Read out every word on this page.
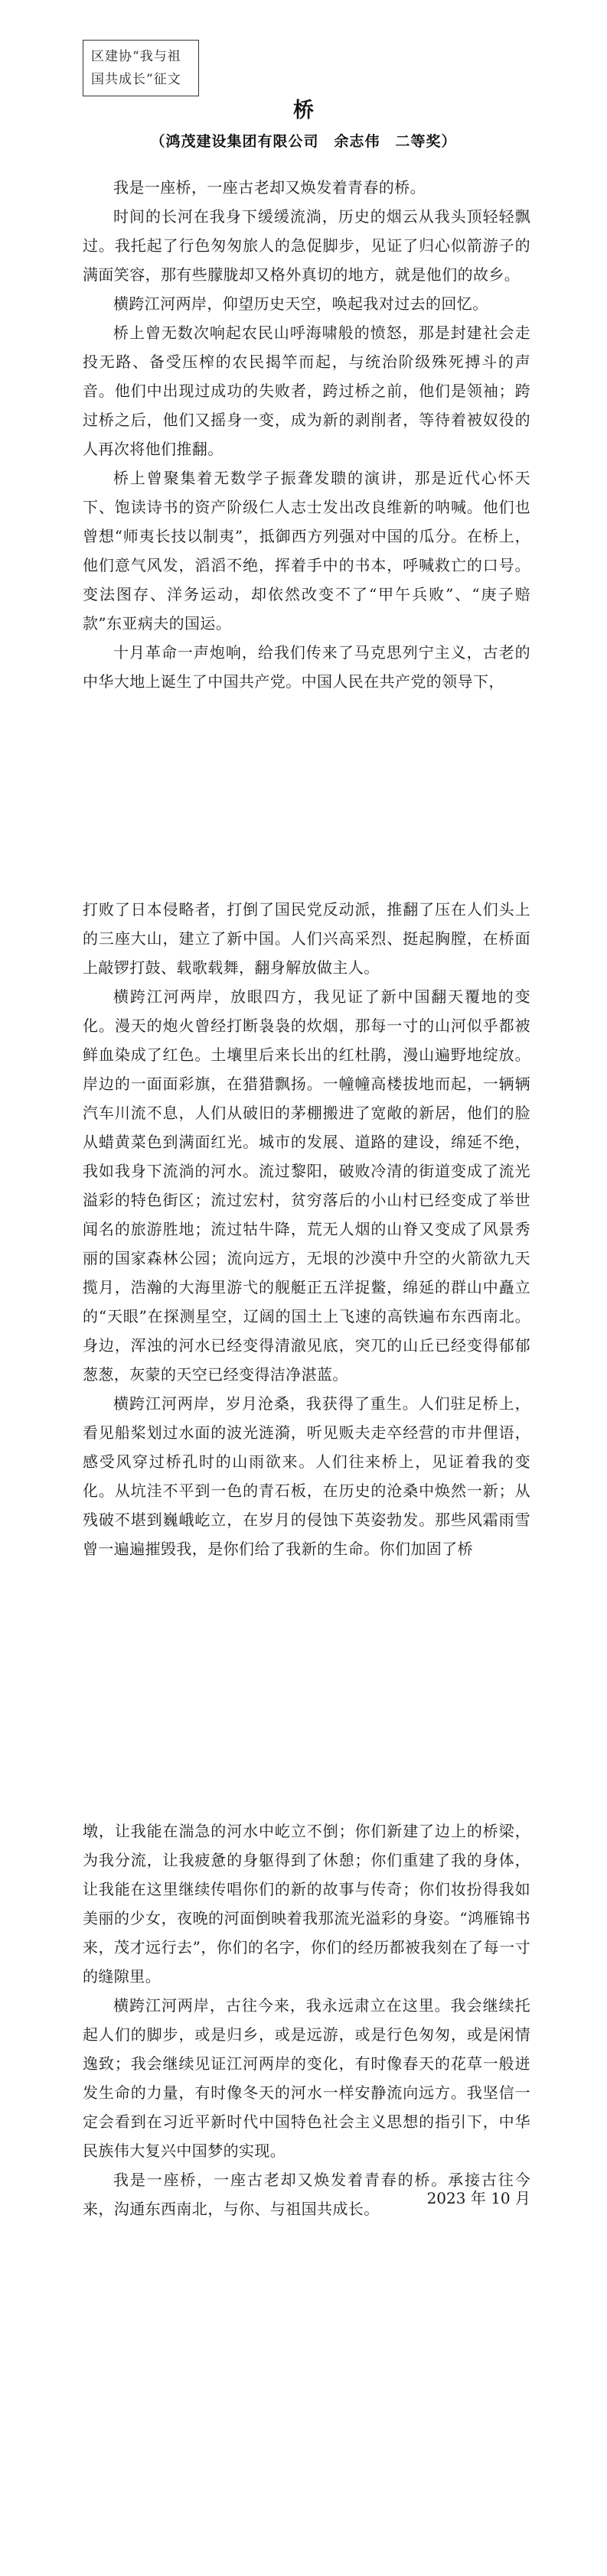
区建协“我与祖
国共成长”征文
桥
（鸿茂建设集团有限公司　余志伟　二等奖）

我是一座桥，一座古老却又焕发着青春的桥。

时间的长河在我身下缓缓流淌，历史的烟云从我头顶轻轻飘过。我托起了行色匆匆旅人的急促脚步，见证了归心似箭游子的满面笑容，那有些朦胧却又格外真切的地方，就是他们的故乡。

横跨江河两岸，仰望历史天空，唤起我对过去的回忆。

桥上曾无数次响起农民山呼海啸般的愤怒，那是封建社会走投无路、备受压榨的农民揭竿而起，与统治阶级殊死搏斗的声音。他们中出现过成功的失败者，跨过桥之前，他们是领袖；跨过桥之后，他们又摇身一变，成为新的剥削者，等待着被奴役的人再次将他们推翻。

桥上曾聚集着无数学子振聋发聩的演讲，那是近代心怀天下、饱读诗书的资产阶级仁人志士发出改良维新的呐喊。他们也曾想“师夷长技以制夷”，抵御西方列强对中国的瓜分。在桥上，他们意气风发，滔滔不绝，挥着手中的书本，呼喊救亡的口号。变法图存、洋务运动，却依然改变不了“甲午兵败”、“庚子赔款”东亚病夫的国运。

十月革命一声炮响，给我们传来了马克思列宁主义，古老的中华大地上诞生了中国共产党。中国人民在共产党的领导下，

打败了日本侵略者，打倒了国民党反动派，推翻了压在人们头上的三座大山，建立了新中国。人们兴高采烈、挺起胸膛，在桥面上敲锣打鼓、载歌载舞，翻身解放做主人。

横跨江河两岸，放眼四方，我见证了新中国翻天覆地的变化。漫天的炮火曾经打断袅袅的炊烟，那每一寸的山河似乎都被鲜血染成了红色。土壤里后来长出的红杜鹃，漫山遍野地绽放。岸边的一面面彩旗，在猎猎飘扬。一幢幢高楼拔地而起，一辆辆汽车川流不息，人们从破旧的茅棚搬进了宽敞的新居，他们的脸从蜡黄菜色到满面红光。城市的发展、道路的建设，绵延不绝，我如我身下流淌的河水。流过黎阳，破败冷清的街道变成了流光溢彩的特色街区；流过宏村，贫穷落后的小山村已经变成了举世闻名的旅游胜地；流过牯牛降，荒无人烟的山脊又变成了风景秀丽的国家森林公园；流向远方，无垠的沙漠中升空的火箭欲九天揽月，浩瀚的大海里游弋的舰艇正五洋捉鳖，绵延的群山中矗立的“天眼”在探测星空，辽阔的国土上飞速的高铁遍布东西南北。身边，浑浊的河水已经变得清澈见底，突兀的山丘已经变得郁郁葱葱，灰蒙的天空已经变得洁净湛蓝。

横跨江河两岸，岁月沧桑，我获得了重生。人们驻足桥上，看见船桨划过水面的波光涟漪，听见贩夫走卒经营的市井俚语，感受风穿过桥孔时的山雨欲来。人们往来桥上，见证着我的变化。从坑洼不平到一色的青石板，在历史的沧桑中焕然一新；从残破不堪到巍峨屹立，在岁月的侵蚀下英姿勃发。那些风霜雨雪曾一遍遍摧毁我，是你们给了我新的生命。你们加固了桥

墩，让我能在湍急的河水中屹立不倒；你们新建了边上的桥梁，为我分流，让我疲惫的身躯得到了休憩；你们重建了我的身体，让我能在这里继续传唱你们的新的故事与传奇；你们妆扮得我如美丽的少女，夜晚的河面倒映着我那流光溢彩的身姿。“鸿雁锦书来，茂才远行去”，你们的名字，你们的经历都被我刻在了每一寸的缝隙里。

横跨江河两岸，古往今来，我永远肃立在这里。我会继续托起人们的脚步，或是归乡，或是远游，或是行色匆匆，或是闲情逸致；我会继续见证江河两岸的变化，有时像春天的花草一般迸发生命的力量，有时像冬天的河水一样安静流向远方。我坚信一定会看到在习近平新时代中国特色社会主义思想的指引下，中华民族伟大复兴中国梦的实现。

我是一座桥，一座古老却又焕发着青春的桥。承接古往今来，沟通东西南北，与你、与祖国共成长。

2023 年 10 月
